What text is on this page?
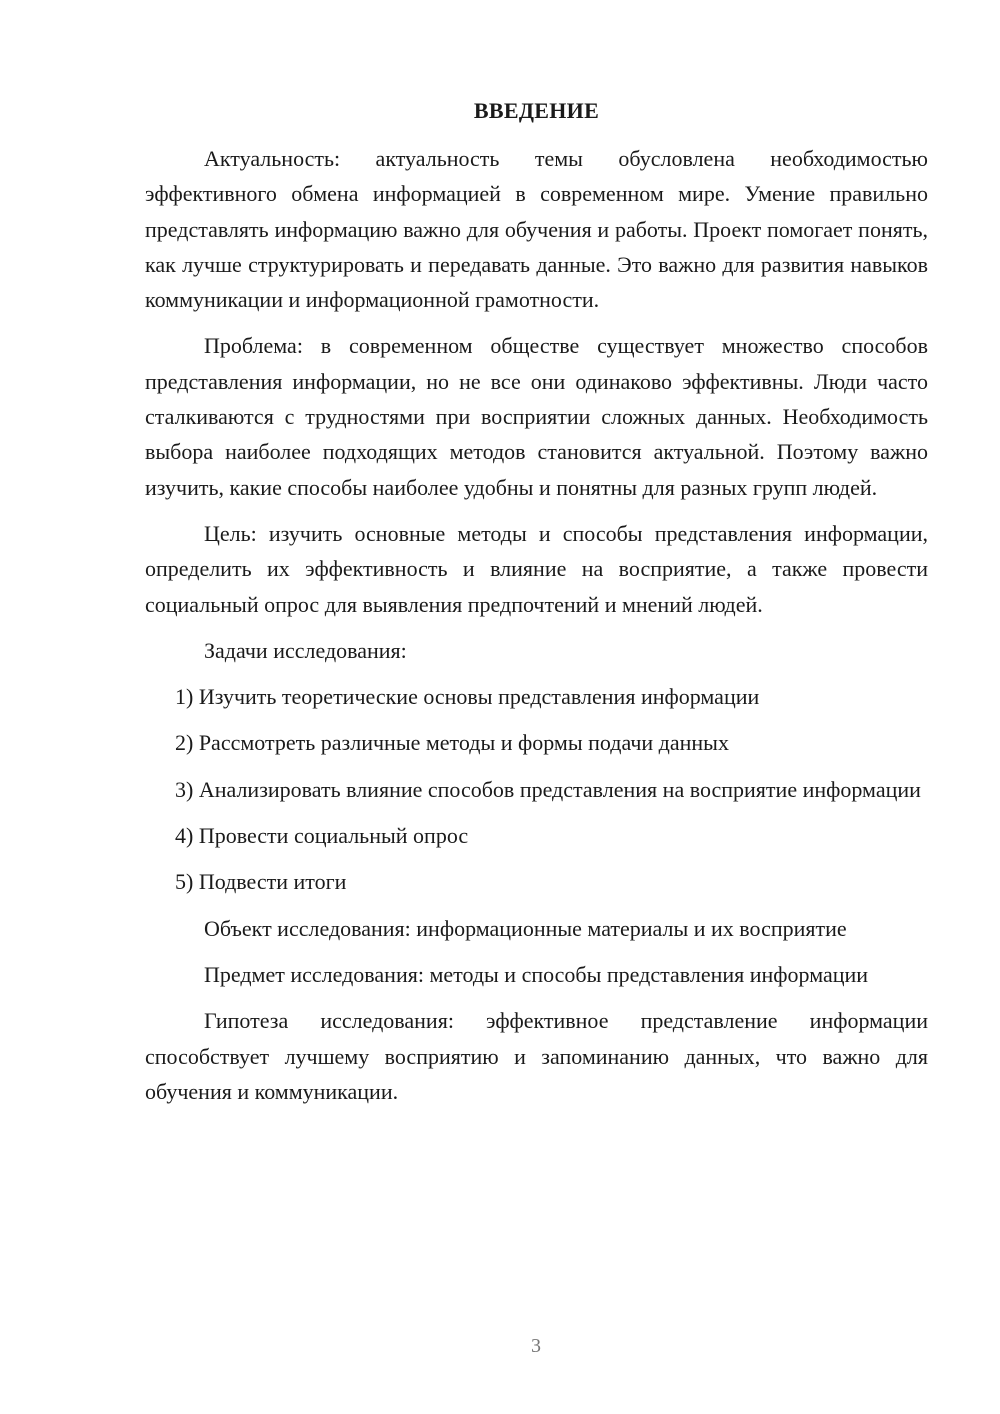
ВВЕДЕНИЕ

Актуальность: актуальность темы обусловлена необходимостью эффективного обмена информацией в современном мире. Умение правильно представлять информацию важно для обучения и работы. Проект помогает понять, как лучше структурировать и передавать данные. Это важно для развития навыков коммуникации и информационной грамотности.

Проблема: в современном обществе существует множество способов представления информации, но не все они одинаково эффективны. Люди часто сталкиваются с трудностями при восприятии сложных данных. Необходимость выбора наиболее подходящих методов становится актуальной. Поэтому важно изучить, какие способы наиболее удобны и понятны для разных групп людей.

Цель: изучить основные методы и способы представления информации, определить их эффективность и влияние на восприятие, а также провести социальный опрос для выявления предпочтений и мнений людей.

Задачи исследования:

1) Изучить теоретические основы представления информации

2) Рассмотреть различные методы и формы подачи данных

3) Анализировать влияние способов представления на восприятие информации

4) Провести социальный опрос

5) Подвести итоги

Объект исследования: информационные материалы и их восприятие

Предмет исследования: методы и способы представления информации

Гипотеза исследования: эффективное представление информации способствует лучшему восприятию и запоминанию данных, что важно для обучения и коммуникации.

3
